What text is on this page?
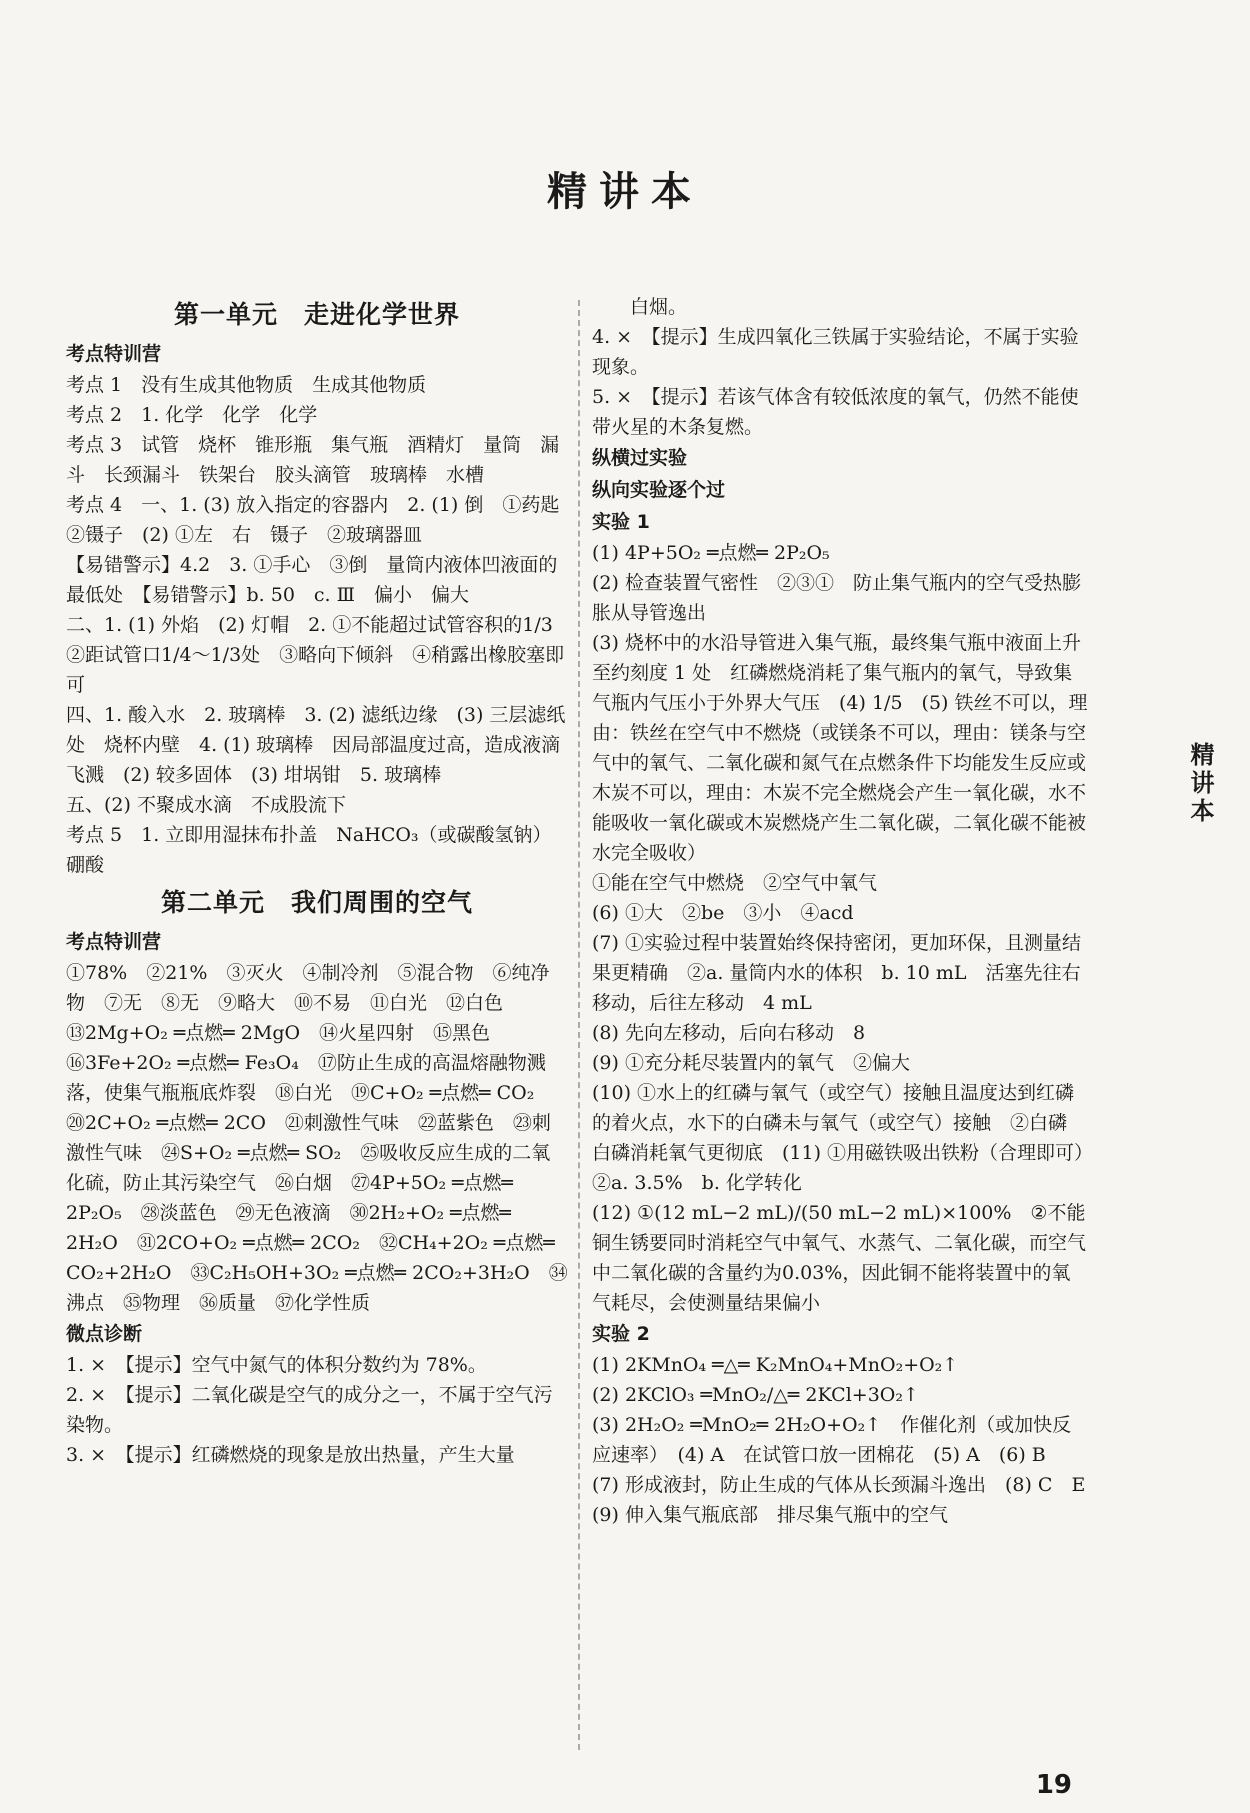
精讲本
第一单元　走进化学世界
考点特训营
考点 1　没有生成其他物质　生成其他物质
考点 2　1. 化学　化学　化学
考点 3　试管　烧杯　锥形瓶　集气瓶　酒精灯　量筒　漏斗　长颈漏斗　铁架台　胶头滴管　玻璃棒　水槽
考点 4　一、1. (3) 放入指定的容器内　2. (1) 倒　①药匙　②镊子　(2) ①左　右　镊子　②玻璃器皿
【易错警示】4.2　3. ①手心　③倒　量筒内液体凹液面的最低处　【易错警示】b. 50　c. Ⅲ　偏小　偏大
二、1. (1) 外焰　(2) 灯帽　2. ①不能超过试管容积的1/3　②距试管口1/4～1/3处　③略向下倾斜　④稍露出橡胶塞即可
四、1. 酸入水　2. 玻璃棒　3. (2) 滤纸边缘　(3) 三层滤纸处　烧杯内壁　4. (1) 玻璃棒　因局部温度过高，造成液滴飞溅　(2) 较多固体　(3) 坩埚钳　5. 玻璃棒
五、(2) 不聚成水滴　不成股流下
考点 5　1. 立即用湿抹布扑盖　NaHCO₃（或碳酸氢钠）　硼酸
第二单元　我们周围的空气
考点特训营
①78%　②21%　③灭火　④制冷剂　⑤混合物　⑥纯净物　⑦无　⑧无　⑨略大　⑩不易　⑪白光　⑫白色　⑬2Mg+O₂ ═点燃═ 2MgO　⑭火星四射　⑮黑色　⑯3Fe+2O₂ ═点燃═ Fe₃O₄　⑰防止生成的高温熔融物溅落，使集气瓶瓶底炸裂　⑱白光　⑲C+O₂ ═点燃═ CO₂　⑳2C+O₂ ═点燃═ 2CO　㉑刺激性气味　㉒蓝紫色　㉓刺激性气味　㉔S+O₂ ═点燃═ SO₂　㉕吸收反应生成的二氧化硫，防止其污染空气　㉖白烟　㉗4P+5O₂ ═点燃═ 2P₂O₅　㉘淡蓝色　㉙无色液滴　㉚2H₂+O₂ ═点燃═ 2H₂O　㉛2CO+O₂ ═点燃═ 2CO₂　㉜CH₄+2O₂ ═点燃═ CO₂+2H₂O　㉝C₂H₅OH+3O₂ ═点燃═ 2CO₂+3H₂O　㉞沸点　㉟物理　㊱质量　㊲化学性质
微点诊断
1. ×　【提示】空气中氮气的体积分数约为 78%。
2. ×　【提示】二氧化碳是空气的成分之一，不属于空气污染物。
3. ×　【提示】红磷燃烧的现象是放出热量，产生大量
　　白烟。
4. ×　【提示】生成四氧化三铁属于实验结论，不属于实验现象。
5. ×　【提示】若该气体含有较低浓度的氧气，仍然不能使带火星的木条复燃。
纵横过实验
纵向实验逐个过
实验 1
(1) 4P+5O₂ ═点燃═ 2P₂O₅
(2) 检查装置气密性　②③①　防止集气瓶内的空气受热膨胀从导管逸出
(3) 烧杯中的水沿导管进入集气瓶，最终集气瓶中液面上升至约刻度 1 处　红磷燃烧消耗了集气瓶内的氧气，导致集气瓶内气压小于外界大气压　(4) 1/5　(5) 铁丝不可以，理由：铁丝在空气中不燃烧（或镁条不可以，理由：镁条与空气中的氧气、二氧化碳和氮气在点燃条件下均能发生反应或木炭不可以，理由：木炭不完全燃烧会产生一氧化碳，水不能吸收一氧化碳或木炭燃烧产生二氧化碳，二氧化碳不能被水完全吸收）
①能在空气中燃烧　②空气中氧气
(6) ①大　②be　③小　④acd
(7) ①实验过程中装置始终保持密闭，更加环保，且测量结果更精确　②a. 量筒内水的体积　b. 10 mL　活塞先往右移动，后往左移动　4 mL
(8) 先向左移动，后向右移动　8
(9) ①充分耗尽装置内的氧气　②偏大
(10) ①水上的红磷与氧气（或空气）接触且温度达到红磷的着火点，水下的白磷未与氧气（或空气）接触　②白磷　白磷消耗氧气更彻底　(11) ①用磁铁吸出铁粉（合理即可）　②a. 3.5%　b. 化学转化
(12) ①(12 mL−2 mL)/(50 mL−2 mL)×100%　②不能　铜生锈要同时消耗空气中氧气、水蒸气、二氧化碳，而空气中二氧化碳的含量约为0.03%，因此铜不能将装置中的氧气耗尽，会使测量结果偏小
实验 2
(1) 2KMnO₄ ═△═ K₂MnO₄+MnO₂+O₂↑
(2) 2KClO₃ ═MnO₂/△═ 2KCl+3O₂↑
(3) 2H₂O₂ ═MnO₂═ 2H₂O+O₂↑　作催化剂（或加快反应速率）　(4) A　在试管口放一团棉花　(5) A　(6) B　(7) 形成液封，防止生成的气体从长颈漏斗逸出　(8) C　E　(9) 伸入集气瓶底部　排尽集气瓶中的空气
精讲本
19
